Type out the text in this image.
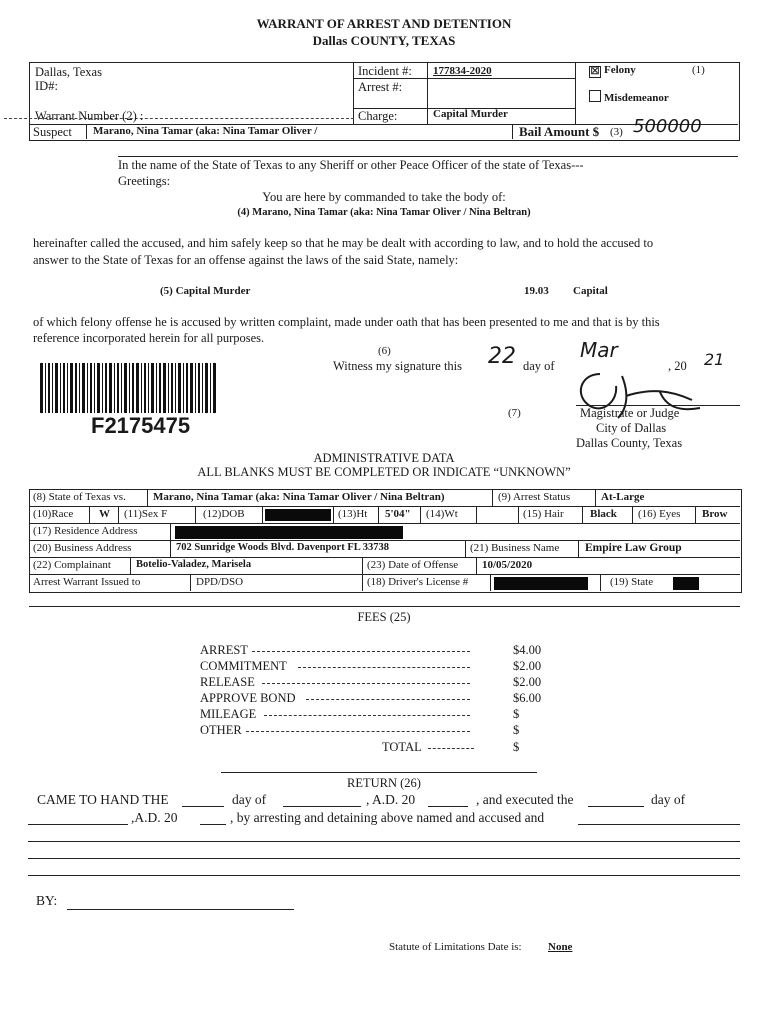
WARRANT OF ARREST AND DETENTION
Dallas COUNTY, TEXAS
Dallas, Texas
ID#:
Warrant Number (2) :
Suspect Marano, Nina Tamar (aka: Nina Tamar Oliver /
Incident #: 177834-2020
Arrest #:
Charge:	Capital Murder
☒ Felony	(1)
Misdemeanor
Bail Amount $ (3) 500000
In the name of the State of Texas to any Sheriff or other Peace Officer of the state of Texas---
Greetings:
You are here by commanded to take the body of:
(4) Marano, Nina Tamar (aka: Nina Tamar Oliver / Nina Beltran)
hereinafter called the accused, and him safely keep so that he may be dealt with according to law, and to hold the accused to
answer to the State of Texas for an offense against the laws of the said State, namely:
(5) Capital Murder	19.03 Capital
of which felony offense he is accused by written complaint, made under oath that has been presented to me and that is by this
reference incorporated herein for all purposes.
F2175475
(6)
Witness my signature this 22 day of
Mar
, 20 21
(7)	Magistrate or Judge
City of Dallas
Dallas County, Texas
ADMINISTRATIVE DATA
ALL BLANKS MUST BE COMPLETED OR INDICATE “UNKNOWN”
(8) State of Texas vs. Marano, Nina Tamar (aka: Nina Tamar Oliver / Nina Beltran)	(9) Arrest Status	At-Large
(10)Race W (11)Sex F	(12)DOB	(13)Ht 5'04" (14)Wt	(15) Hair Black (16) Eyes Brow
(17) Residence Address
(20) Business Address	702 Sunridge Woods Blvd. Davenport FL 33738	(21) Business Name Empire Law Group
(22) Complainant Botelio-Valadez, Marisela	(23) Date of Offense 10/05/2020
Arrest Warrant Issued to	DPD/DSO	(18) Driver's License #	(19) State
FEES (25)
ARREST	$4.00
COMMITMENT	$2.00
RELEASE	$2.00
APPROVE BOND	$6.00
MILEAGE	$
OTHER	$
TOTAL	$
RETURN (26)
CAME TO HAND THE	day of	, A.D. 20	, and executed the	day of
,A.D. 20	, by arresting and detaining above named and accused and
BY:
Statute of Limitations Date is: None
